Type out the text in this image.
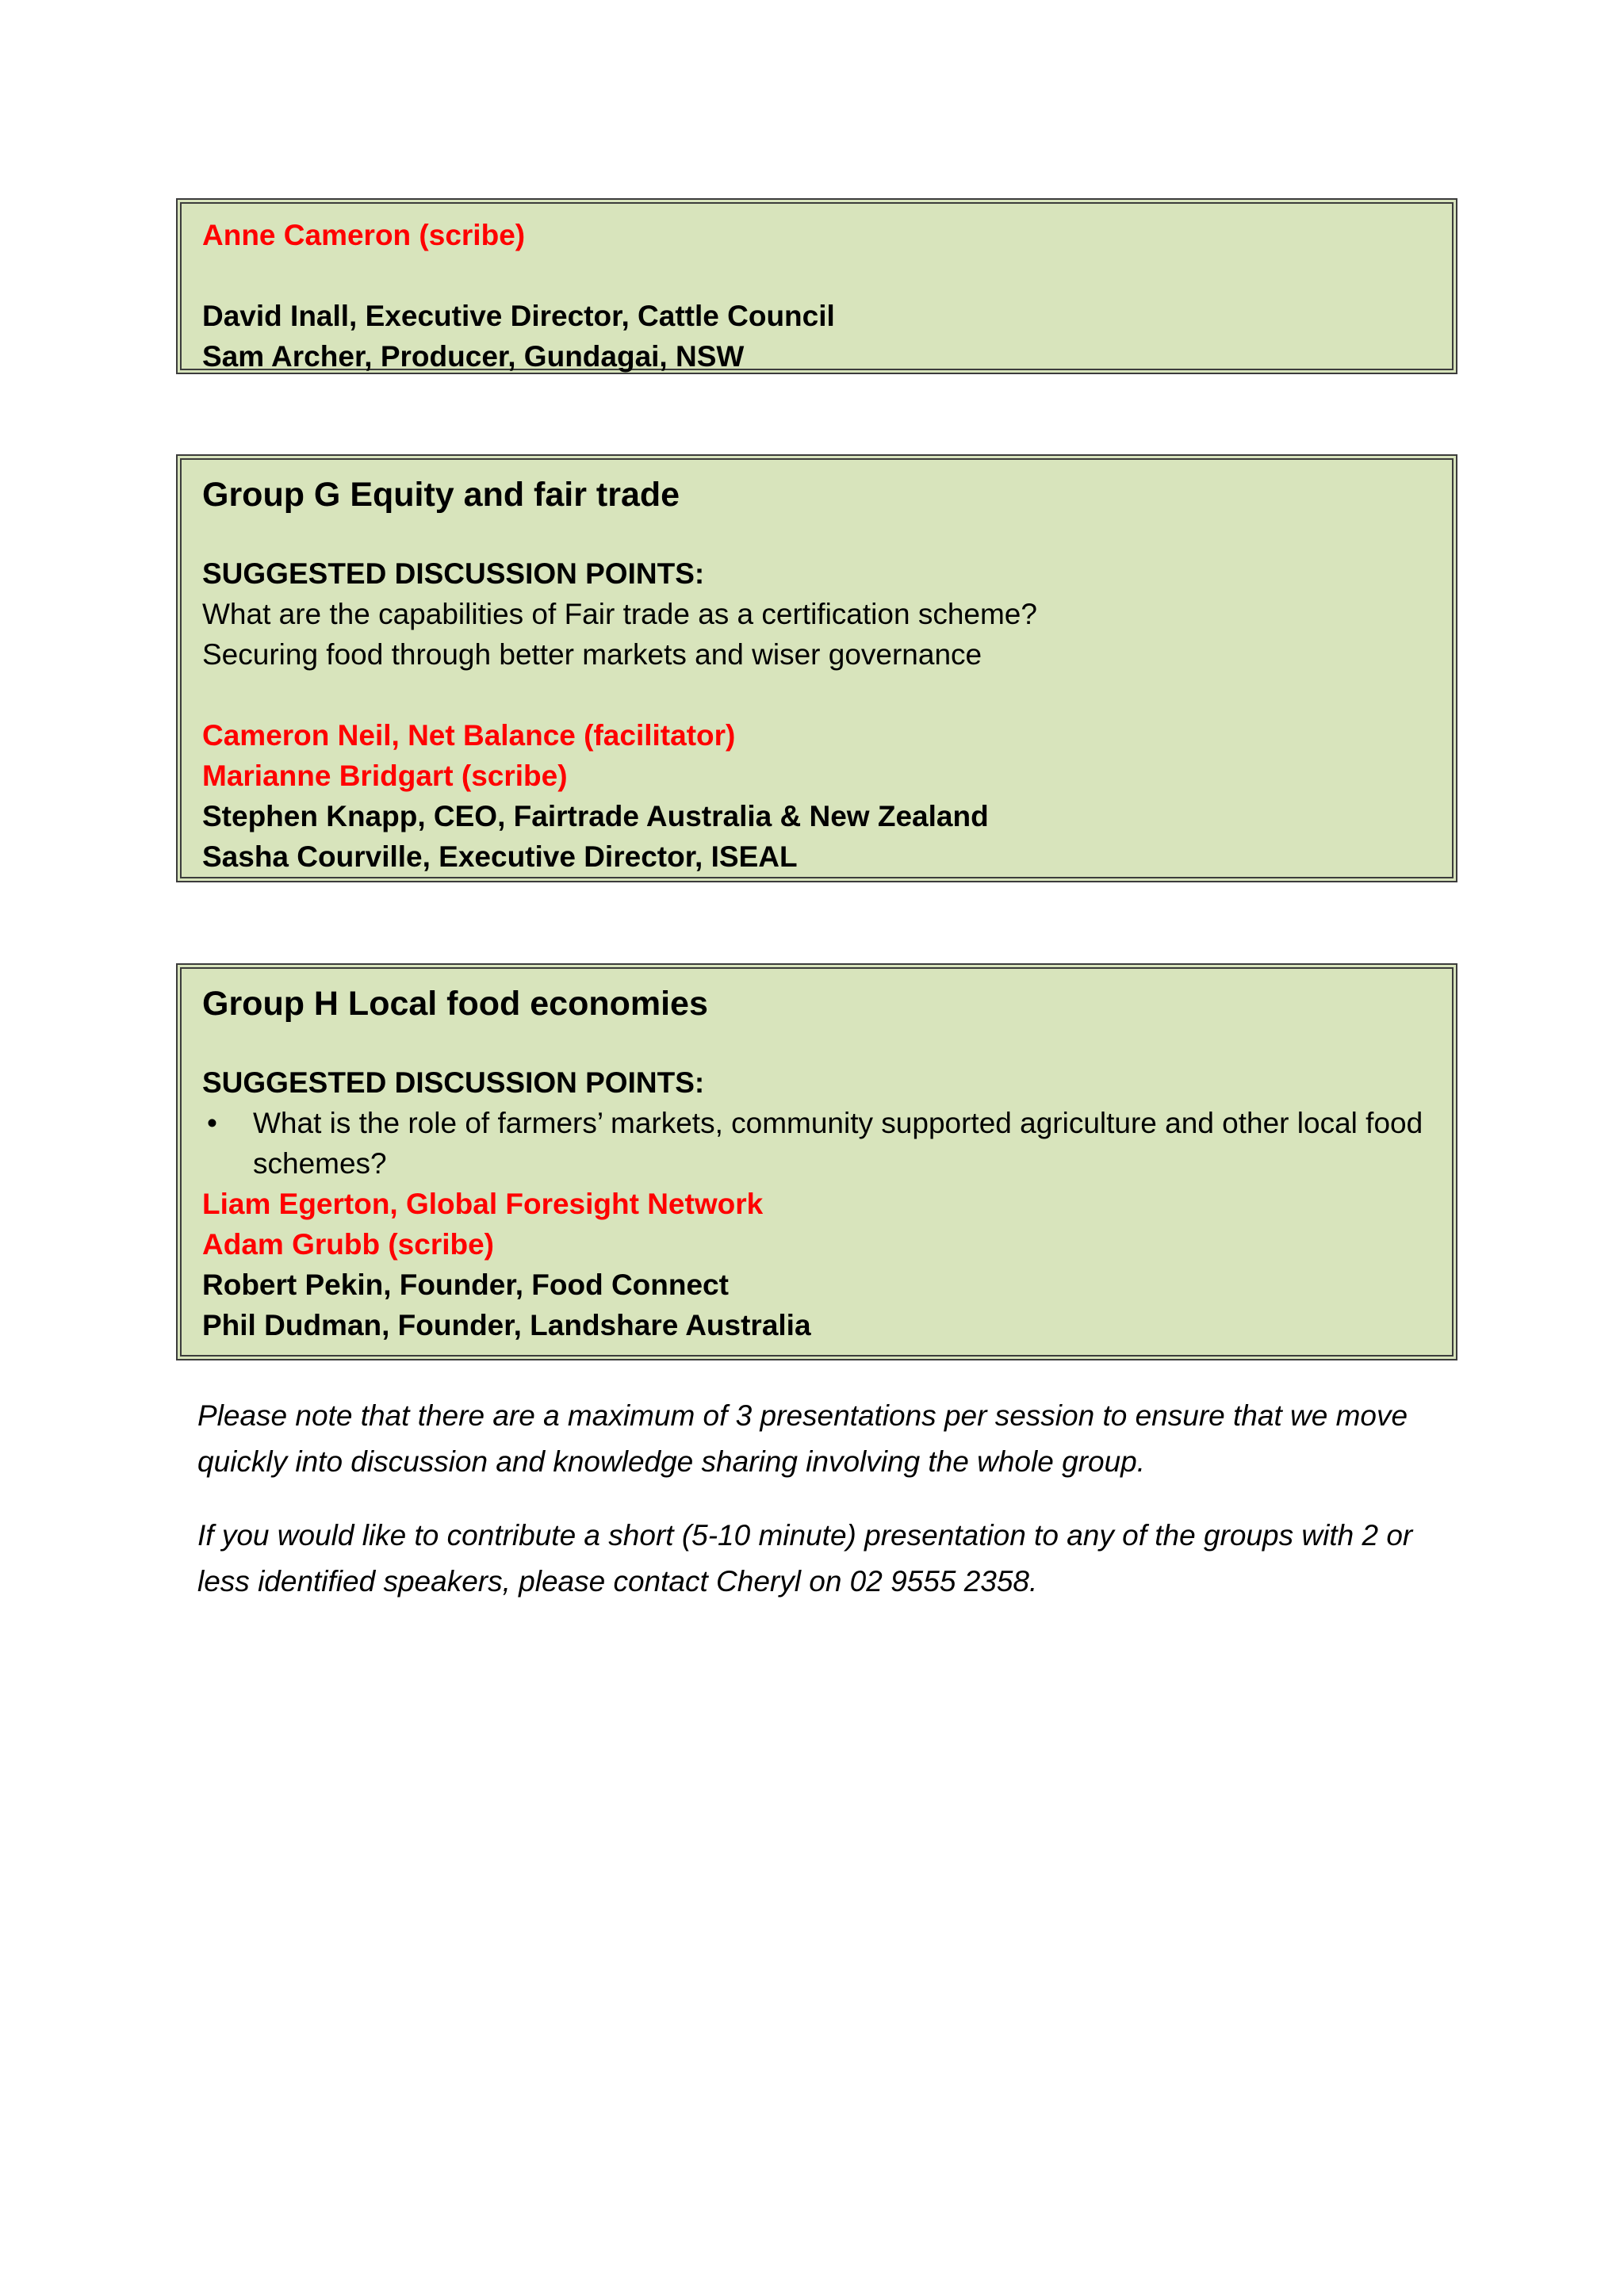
Anne Cameron (scribe)
David Inall, Executive Director, Cattle Council
Sam Archer, Producer, Gundagai, NSW
Group G Equity and fair trade
SUGGESTED DISCUSSION POINTS:
What are the capabilities of Fair trade as a certification scheme?
Securing food through better markets and wiser governance
Cameron Neil, Net Balance (facilitator)
Marianne Bridgart (scribe)
Stephen Knapp, CEO, Fairtrade Australia & New Zealand
Sasha Courville, Executive Director, ISEAL
Group H Local food economies
SUGGESTED DISCUSSION POINTS:
•	What is the role of farmers’ markets, community supported agriculture and other local food schemes?
Liam Egerton, Global Foresight Network
Adam Grubb (scribe)
Robert Pekin, Founder, Food Connect
Phil Dudman, Founder, Landshare Australia

Please note that there are a maximum of 3 presentations per session to ensure that we move quickly into discussion and knowledge sharing involving the whole group.

If you would like to contribute a short (5-10 minute) presentation to any of the groups with 2 or less identified speakers, please contact Cheryl on 02 9555 2358.
